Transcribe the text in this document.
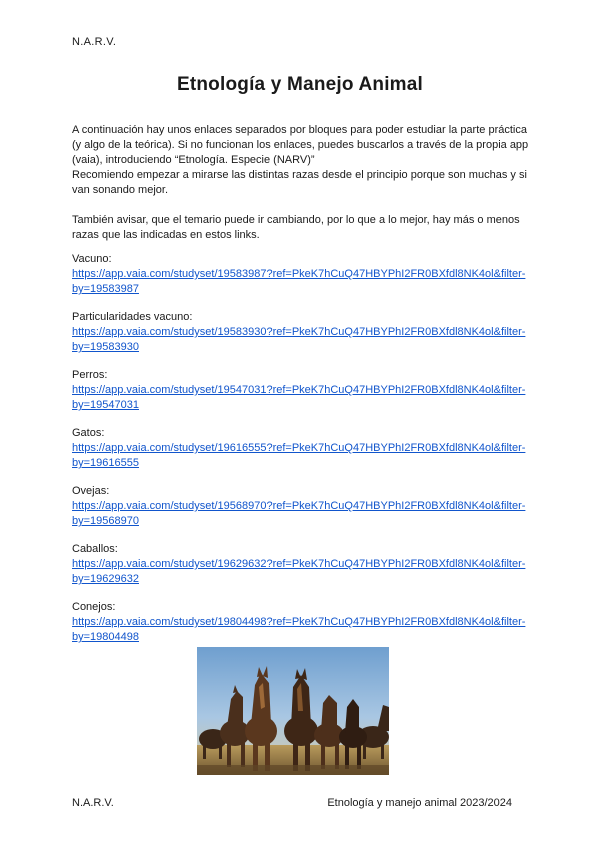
N.A.R.V.
Etnología y Manejo Animal

A continuación hay unos enlaces separados por bloques para poder estudiar la parte práctica (y algo de la teórica). Si no funcionan los enlaces, puedes buscarlos a través de la propia app (vaia), introduciendo “Etnología. Especie (NARV)”

Recomiendo empezar a mirarse las distintas razas desde el principio porque son muchas y si van sonando mejor.

También avisar, que el temario puede ir cambiando, por lo que a lo mejor, hay más o menos razas que las indicadas en estos links.

Vacuno:
https://app.vaia.com/studyset/19583987?ref=PkeK7hCuQ47HBYPhI2FR0BXfdl8NK4ol&filter-by=19583987
Particularidades vacuno:
https://app.vaia.com/studyset/19583930?ref=PkeK7hCuQ47HBYPhI2FR0BXfdl8NK4ol&filter-by=19583930
Perros:
https://app.vaia.com/studyset/19547031?ref=PkeK7hCuQ47HBYPhI2FR0BXfdl8NK4ol&filter-by=19547031
Gatos:
https://app.vaia.com/studyset/19616555?ref=PkeK7hCuQ47HBYPhI2FR0BXfdl8NK4ol&filter-by=19616555
Ovejas:
https://app.vaia.com/studyset/19568970?ref=PkeK7hCuQ47HBYPhI2FR0BXfdl8NK4ol&filter-by=19568970
Caballos:
https://app.vaia.com/studyset/19629632?ref=PkeK7hCuQ47HBYPhI2FR0BXfdl8NK4ol&filter-by=19629632
Conejos:
https://app.vaia.com/studyset/19804498?ref=PkeK7hCuQ47HBYPhI2FR0BXfdl8NK4ol&filter-by=19804498
N.A.R.V.	Etnología y manejo animal 2023/2024
